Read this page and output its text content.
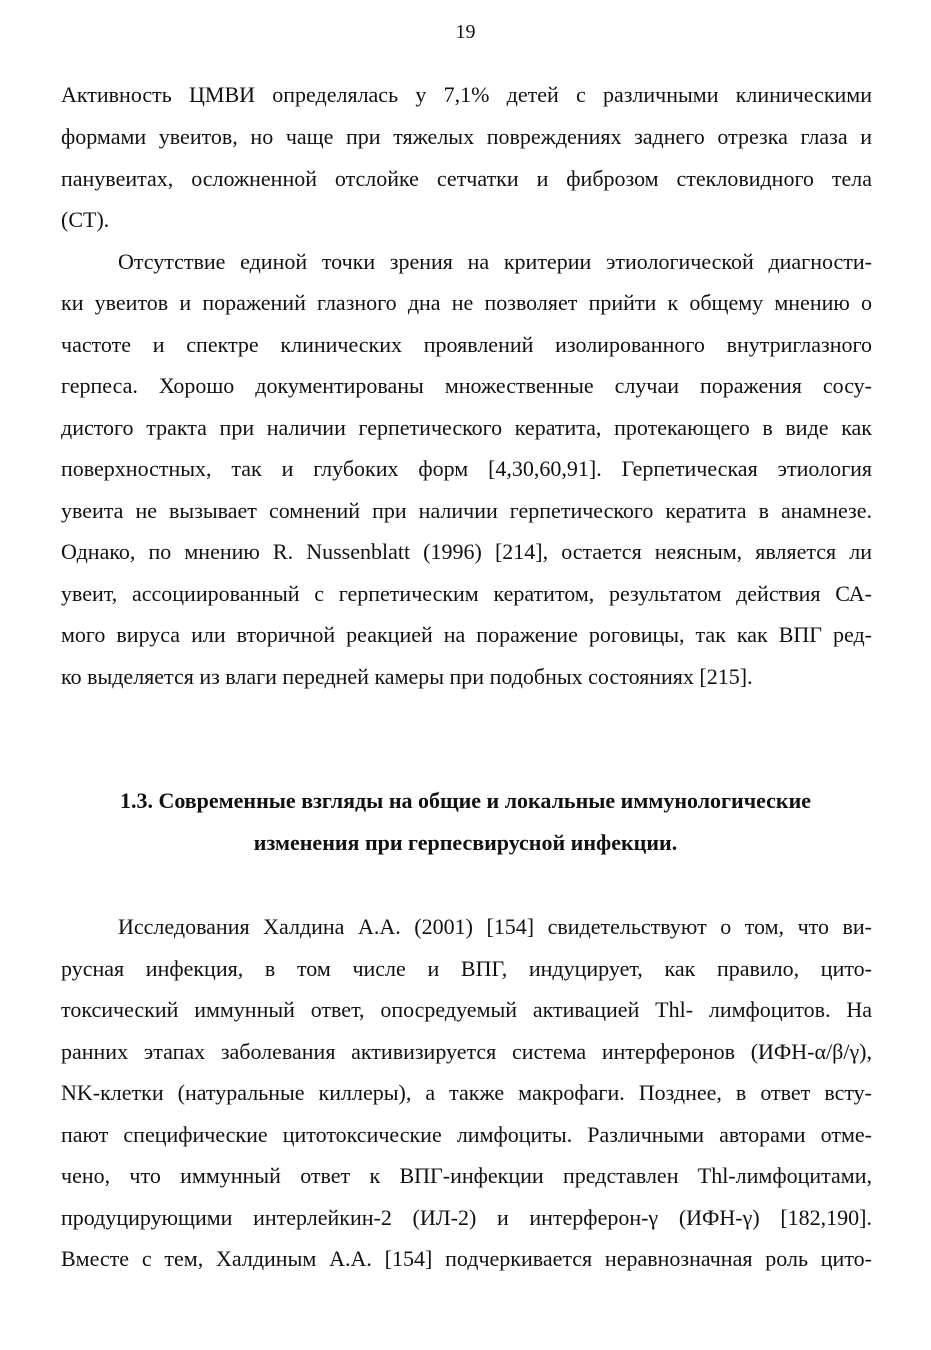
19
Активность ЦМВИ определялась у 7,1% детей с различными клиническими
формами увеитов, но чаще при тяжелых повреждениях заднего отрезка глаза и
панувеитах, осложненной отслойке сетчатки и фиброзом стекловидного тела
(СТ).
Отсутствие единой точки зрения на критерии этиологической диагности-
ки увеитов и поражений глазного дна не позволяет прийти к общему мнению о
частоте и спектре клинических проявлений изолированного внутриглазного
герпеса. Хорошо документированы множественные случаи поражения сосу-
дистого тракта при наличии герпетического кератита, протекающего в виде как
поверхностных, так и глубоких форм [4,30,60,91]. Герпетическая этиология
увеита не вызывает сомнений при наличии герпетического кератита в анамнезе.
Однако, по мнению R. Nussenblatt (1996) [214], остается неясным, является ли
увеит, ассоциированный с герпетическим кератитом, результатом действия СА-
мого вируса или вторичной реакцией на поражение роговицы, так как ВПГ ред-
ко выделяется из влаги передней камеры при подобных состояниях [215].
1.3. Современные взгляды на общие и локальные иммунологические
изменения при герпесвирусной инфекции.
Исследования Халдина А.А. (2001) [154] свидетельствуют о том, что ви-
русная инфекция, в том числе и ВПГ, индуцирует, как правило, цито-
токсический иммунный ответ, опосредуемый активацией Thl- лимфоцитов. На
ранних этапах заболевания активизируется система интерферонов (ИФН-α/β/γ),
NK-клетки (натуральные киллеры), а также макрофаги. Позднее, в ответ всту-
пают специфические цитотоксические лимфоциты. Различными авторами отме-
чено, что иммунный ответ к ВПГ-инфекции представлен Thl-лимфоцитами,
продуцирующими интерлейкин-2 (ИЛ-2) и интерферон-γ (ИФН-γ) [182,190].
Вместе с тем, Халдиным А.А. [154] подчеркивается неравнозначная роль цито-
